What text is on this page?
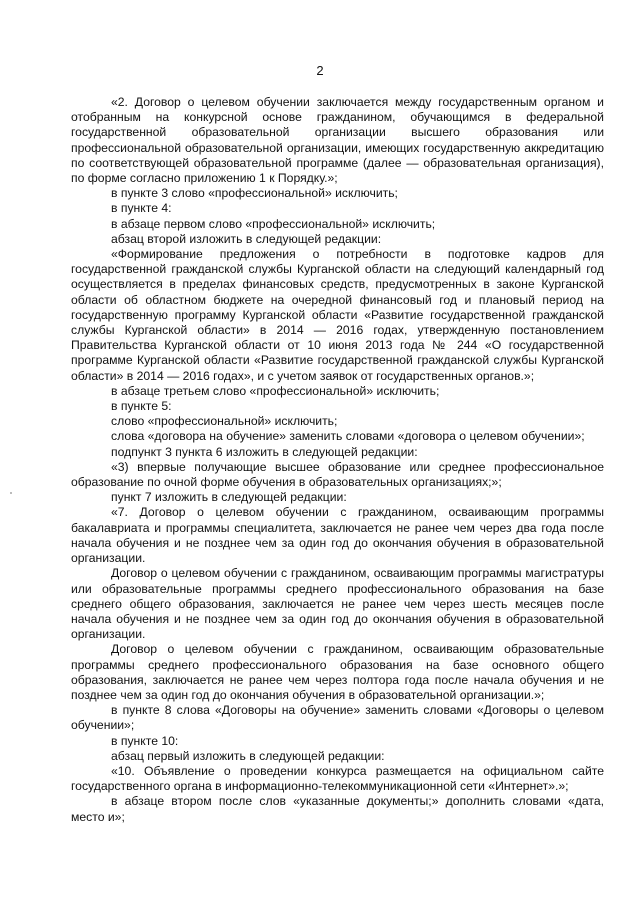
2

«2. Договор о целевом обучении заключается между государственным органом и отобранным на конкурсной основе гражданином, обучающимся в федеральной государственной образовательной организации высшего образования или профессиональной образовательной организации, имеющих государственную аккредитацию по соответствующей образовательной программе (далее — образовательная организация), по форме согласно приложению 1 к Порядку.»;

в пункте 3 слово «профессиональной» исключить;

в пункте 4:

в абзаце первом слово «профессиональной» исключить;

абзац второй изложить в следующей редакции:

«Формирование предложения о потребности в подготовке кадров для государственной гражданской службы Курганской области на следующий календарный год осуществляется в пределах финансовых средств, предусмотренных в законе Курганской области об областном бюджете на очередной финансовый год и плановый период на государственную программу Курганской области «Развитие государственной гражданской службы Курганской области» в 2014 — 2016 годах, утвержденную постановлением Правительства Курганской области от 10 июня 2013 года № 244 «О государственной программе Курганской области «Развитие государственной гражданской службы Курганской области» в 2014 — 2016 годах», и с учетом заявок от государственных органов.»;

в абзаце третьем слово «профессиональной» исключить;

в пункте 5:

слово «профессиональной» исключить;

слова «договора на обучение» заменить словами «договора о целевом обучении»;

подпункт 3 пункта 6 изложить в следующей редакции:

«3) впервые получающие высшее образование или среднее профессиональное образование по очной форме обучения в образовательных организациях;»;

пункт 7 изложить в следующей редакции:

«7. Договор о целевом обучении с гражданином, осваивающим программы бакалавриата и программы специалитета, заключается не ранее чем через два года после начала обучения и не позднее чем за один год до окончания обучения в образовательной организации.

Договор о целевом обучении с гражданином, осваивающим программы магистратуры или образовательные программы среднего профессионального образования на базе среднего общего образования, заключается не ранее чем через шесть месяцев после начала обучения и не позднее чем за один год до окончания обучения в образовательной организации.

Договор о целевом обучении с гражданином, осваивающим образовательные программы среднего профессионального образования на базе основного общего образования, заключается не ранее чем через полтора года после начала обучения и не позднее чем за один год до окончания обучения в образовательной организации.»;

в пункте 8 слова «Договоры на обучение» заменить словами «Договоры о целевом обучении»;

в пункте 10:

абзац первый изложить в следующей редакции:

«10. Объявление о проведении конкурса размещается на официальном сайте государственного органа в информационно-телекоммуникационной сети «Интернет».»;

в абзаце втором после слов «указанные документы;» дополнить словами «дата, место и»;
